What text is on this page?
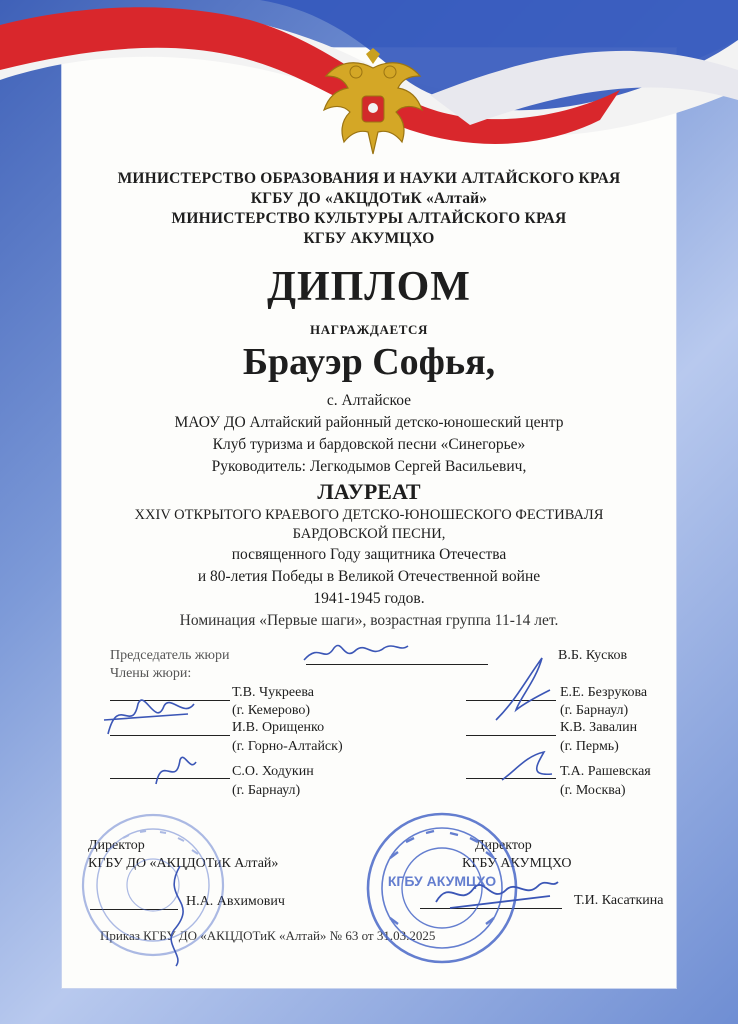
МИНИСТЕРСТВО ОБРАЗОВАНИЯ И НАУКИ АЛТАЙСКОГО КРАЯ

КГБУ ДО «АКЦДОТиК «Алтай»

МИНИСТЕРСТВО КУЛЬТУРЫ АЛТАЙСКОГО КРАЯ

КГБУ АКУМЦХО

ДИПЛОМ

НАГРАЖДАЕТСЯ

Брауэр Софья,

с. Алтайское

МАОУ ДО Алтайский районный детско-юношеский центр

Клуб туризма и бардовской песни «Синегорье»

Руководитель: Легкодымов Сергей Васильевич,

ЛАУРЕАТ

XXIV ОТКРЫТОГО КРАЕВОГО ДЕТСКО-ЮНОШЕСКОГО ФЕСТИВАЛЯ

БАРДОВСКОЙ ПЕСНИ,

посвященного Году защитника Отечества

и 80-летия Победы в Великой Отечественной войне

1941-1945 годов.

Номинация «Первые шаги», возрастная группа 11-14 лет.

Председатель жюри	В.Б. Кусков

Члены жюри:

Т.В. Чукреева

(г. Кемерово)

И.В. Орищенко

(г. Горно-Алтайск)

С.О. Ходукин

(г. Барнаул)

Е.Е. Безрукова

(г. Барнаул)

К.В. Завалин

(г. Пермь)

Т.А. Рашевская

(г. Москва)

Директор

КГБУ ДО «АКЦДОТиК Алтай»

Н.А. Авхимович

Директор

КГБУ АКУМЦХО

Т.И. Касаткина

Приказ КГБУ ДО «АКЦДОТиК «Алтай» № 63 от 31.03.2025

КГБУ АКУМЦХО
